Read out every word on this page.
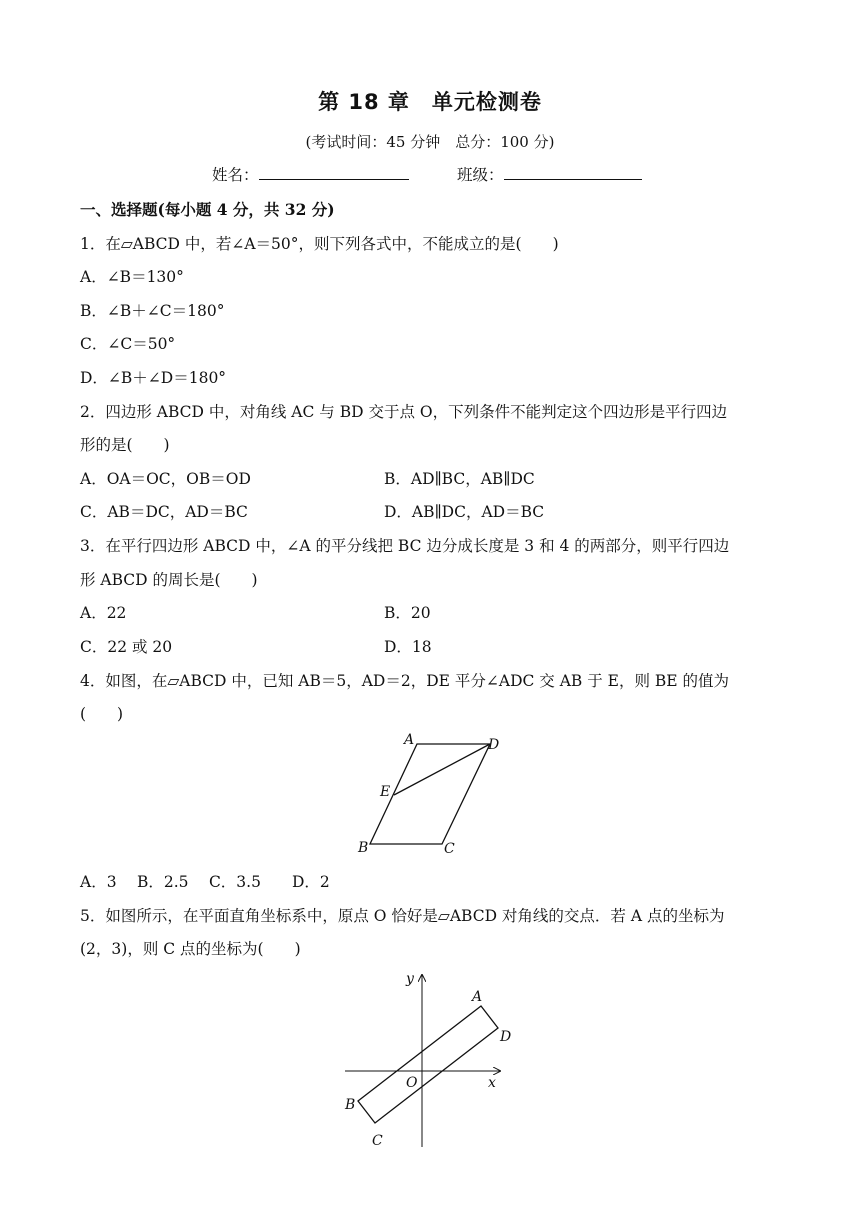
第 18 章　单元检测卷
(考试时间：45 分钟　总分：100 分)
姓名：	班级：
一、选择题(每小题 4 分，共 32 分)
1．在▱ABCD 中，若∠A＝50°，则下列各式中，不能成立的是(　　)
A．∠B＝130°
B．∠B＋∠C＝180°
C．∠C＝50°
D．∠B＋∠D＝180°
2．四边形 ABCD 中，对角线 AC 与 BD 交于点 O，下列条件不能判定这个四边形是平行四边
形的是(　　)
A．OA＝OC，OB＝OD	B．AD∥BC，AB∥DC
C．AB＝DC，AD＝BC	D．AB∥DC，AD＝BC
3．在平行四边形 ABCD 中，∠A 的平分线把 BC 边分成长度是 3 和 4 的两部分，则平行四边
形 ABCD 的周长是(　　)
A．22	B．20
C．22 或 20	D．18
4．如图，在▱ABCD 中，已知 AB＝5，AD＝2，DE 平分∠ADC 交 AB 于 E，则 BE 的值为
(　　)
A	D
E
B	C
A．3　 B．2.5　 C．3.5　　D．2
5．如图所示，在平面直角坐标系中，原点 O 恰好是▱ABCD 对角线的交点．若 A 点的坐标为
(2，3)，则 C 点的坐标为(　　)
y
A
D
O	x
B
C
